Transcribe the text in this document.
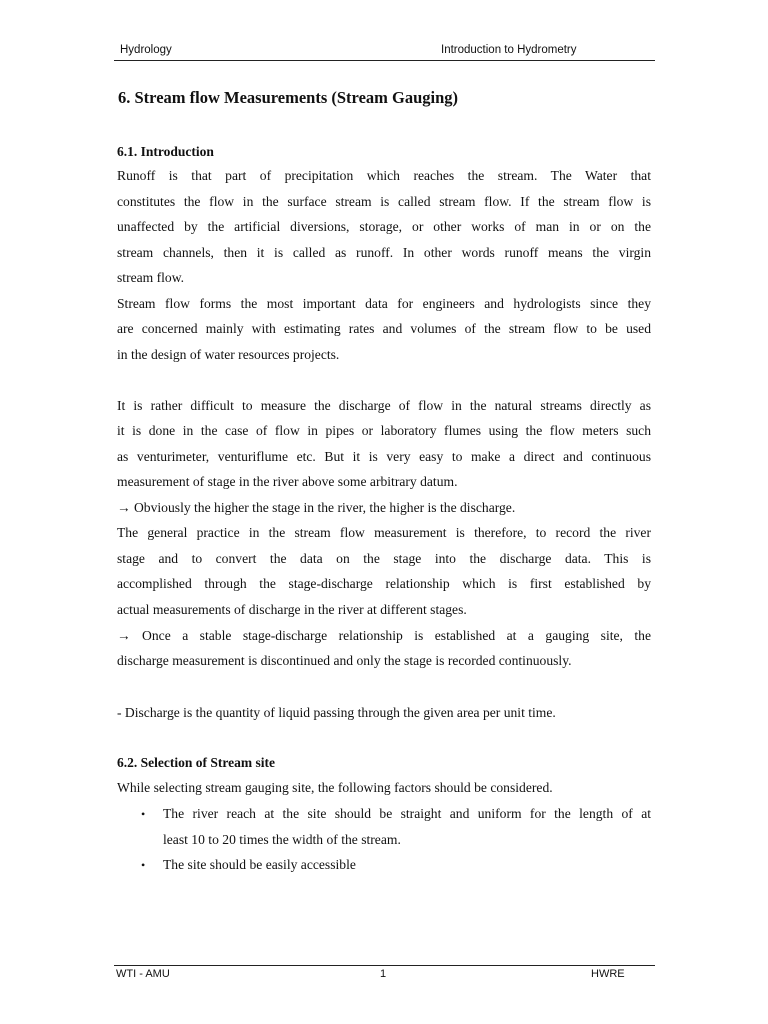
Hydrology	Introduction to Hydrometry
6. Stream flow Measurements (Stream Gauging)
6.1. Introduction
Runoff is that part of precipitation which reaches the stream. The Water that
constitutes the flow in the surface stream is called stream flow. If the stream flow is
unaffected by the artificial diversions, storage, or other works of man in or on the
stream channels, then it is called as runoff. In other words runoff means the virgin
stream flow.
Stream flow forms the most important data for engineers and hydrologists since they
are concerned mainly with estimating rates and volumes of the stream flow to be used
in the design of water resources projects.
It is rather difficult to measure the discharge of flow in the natural streams directly as
it is done in the case of flow in pipes or laboratory flumes using the flow meters such
as venturimeter, venturiflume etc. But it is very easy to make a direct and continuous
measurement of stage in the river above some arbitrary datum.
→ Obviously the higher the stage in the river, the higher is the discharge.
The general practice in the stream flow measurement is therefore, to record the river
stage and to convert the data on the stage into the discharge data. This is
accomplished through the stage-discharge relationship which is first established by
actual measurements of discharge in the river at different stages.
→ Once a stable stage-discharge relationship is established at a gauging site, the
discharge measurement is discontinued and only the stage is recorded continuously.
- Discharge is the quantity of liquid passing through the given area per unit time.
6.2. Selection of Stream site
While selecting stream gauging site, the following factors should be considered.
• The river reach at the site should be straight and uniform for the length of at
least 10 to 20 times the width of the stream.
• The site should be easily accessible
WTI - AMU	1	HWRE
